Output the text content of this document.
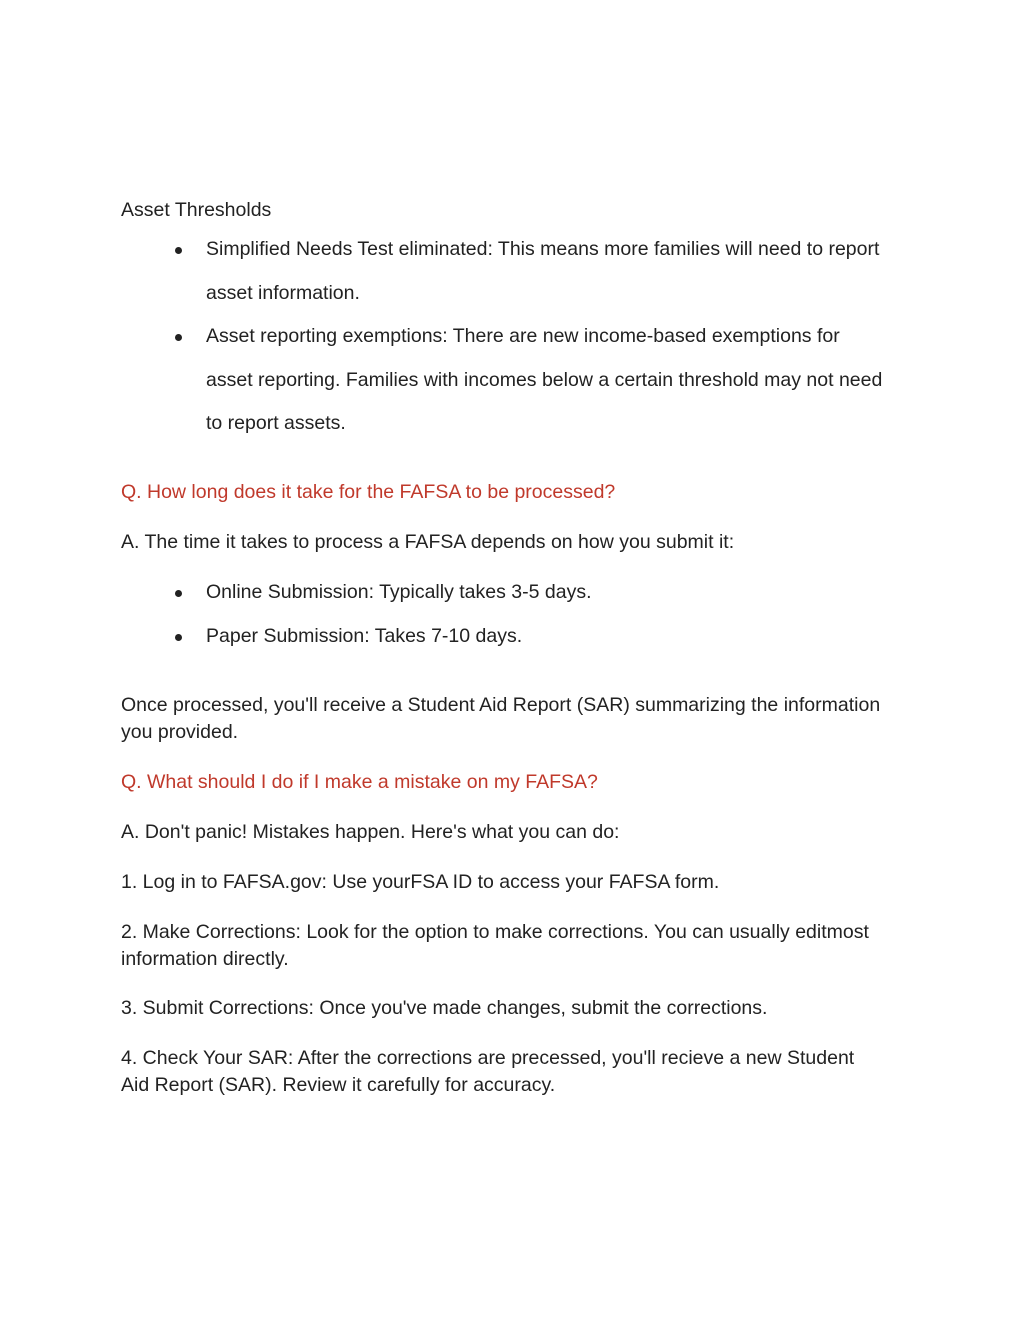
Asset Thresholds

Simplified Needs Test eliminated: This means more families will need to report
asset information.
Asset reporting exemptions: There are new income-based exemptions for
asset reporting. Families with incomes below a certain threshold may not need
to report assets.

Q. How long does it take for the FAFSA to be processed?

A. The time it takes to process a FAFSA depends on how you submit it:

Online Submission: Typically takes 3-5 days.
Paper Submission: Takes 7-10 days.

Once processed, you'll receive a Student Aid Report (SAR) summarizing the information

you provided.

Q. What should I do if I make a mistake on my FAFSA?

A. Don't panic! Mistakes happen. Here's what you can do:

1. Log in to FAFSA.gov: Use yourFSA ID to access your FAFSA form.

2. Make Corrections: Look for the option to make corrections. You can usually editmost

information directly.

3. Submit Corrections: Once you've made changes, submit the corrections.

4. Check Your SAR: After the corrections are precessed, you'll recieve a new Student

Aid Report (SAR). Review it carefully for accuracy.
